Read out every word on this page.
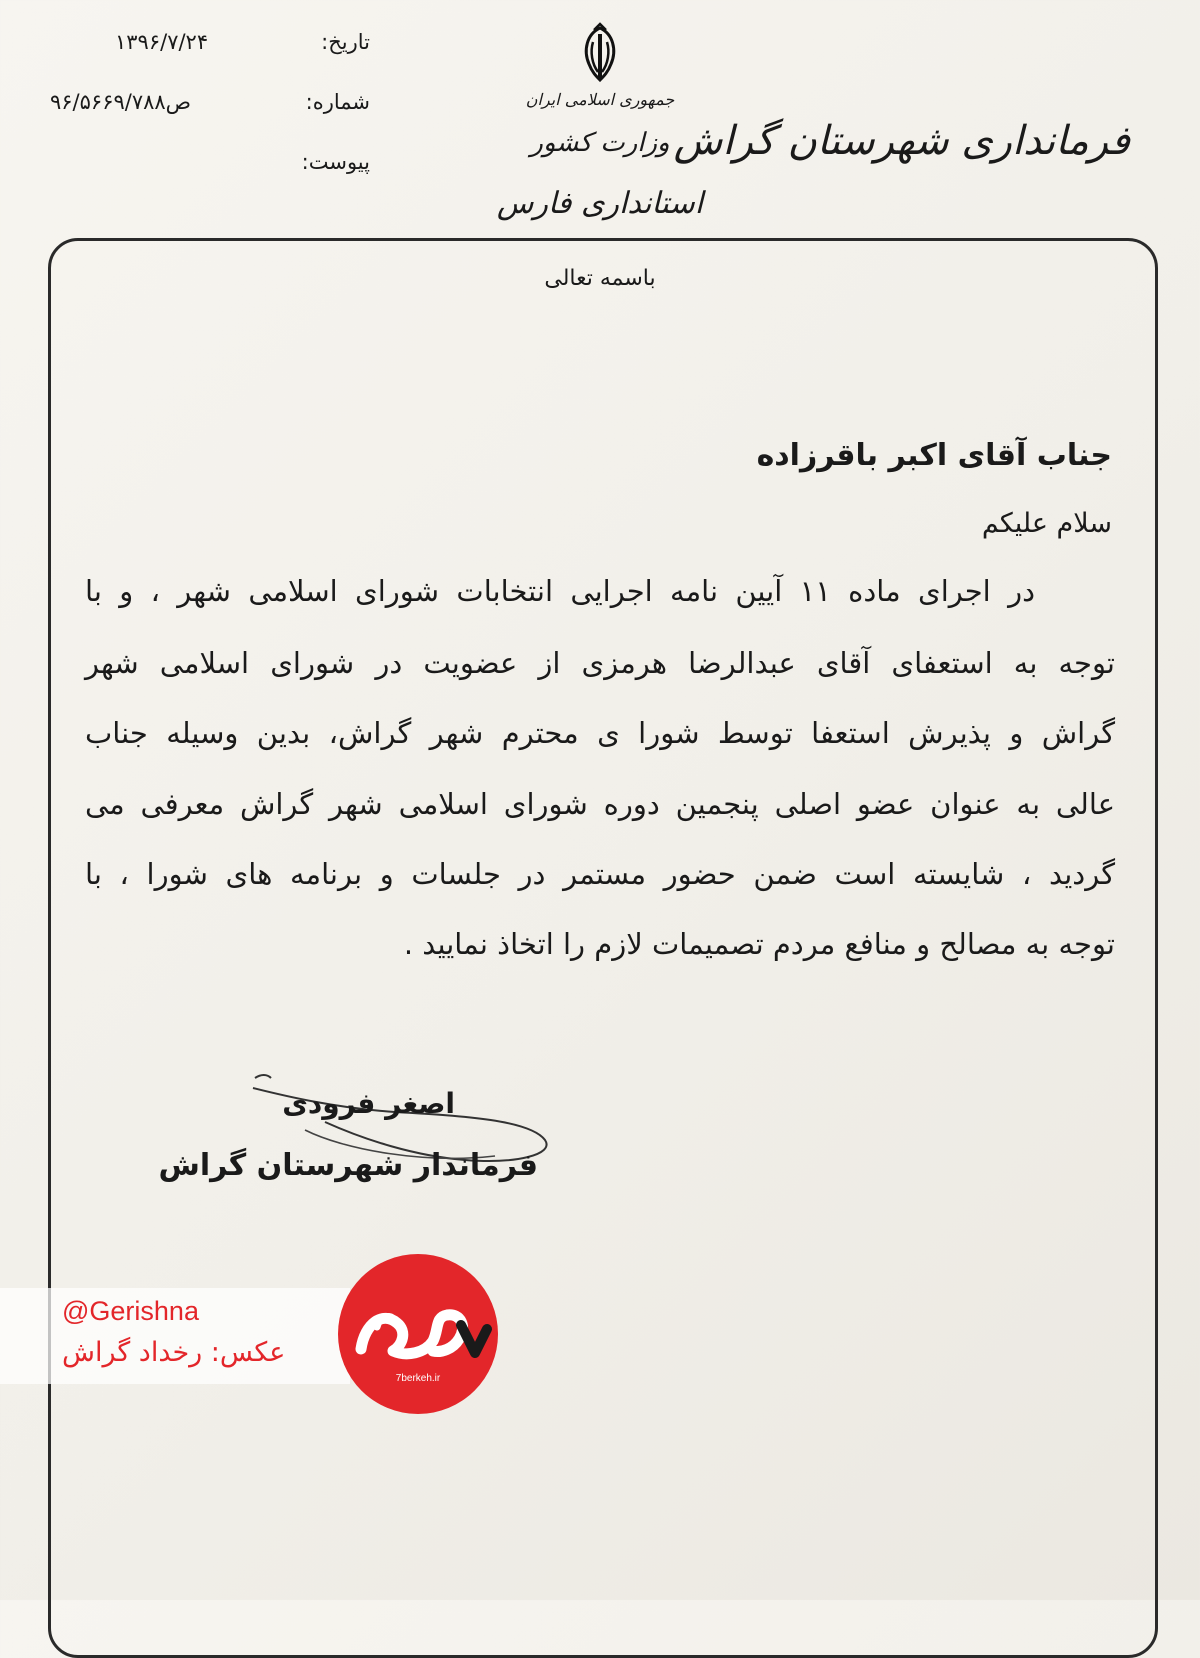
تاریخ:
۱۳۹۶/۷/۲۴
شماره:
ص۹۶/۵۶۶۹/۷۸۸
پیوست:
جمهوری اسلامی ایران
وزارت کشور
استانداری فارس
فرمانداری شهرستان گراش
باسمه تعالی
جناب آقای اکبر باقرزاده
سلام علیکم
در اجرای ماده ۱۱ آیین نامه اجرایی انتخابات شورای اسلامی شهر ، و با
توجه به استعفای آقای عبدالرضا هرمزی از عضویت در شورای اسلامی شهر
گراش و پذیرش استعفا توسط شورا ی محترم شهر گراش، بدین وسیله جناب
عالی به عنوان عضو اصلی پنجمین دوره شورای اسلامی شهر گراش معرفی می
گردید ، شایسته است ضمن حضور مستمر در جلسات و برنامه های شورا ، با
توجه به مصالح و منافع مردم تصمیمات لازم را اتخاذ نمایید .
اصغر فرودی
فرماندار شهرستان گراش
@Gerishna
عکس: رخداد گراش
7berkeh.ir
